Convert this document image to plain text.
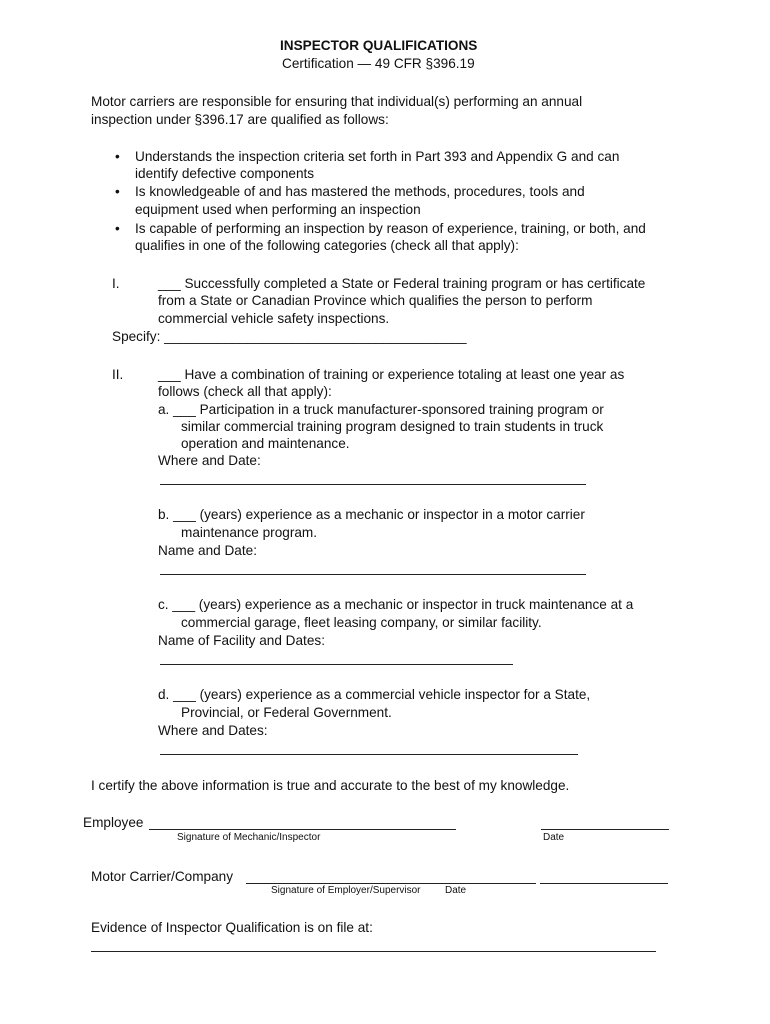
INSPECTOR QUALIFICATIONS
Certification — 49 CFR §396.19
Motor carriers are responsible for ensuring that individual(s) performing an annual
inspection under §396.17 are qualified as follows:
• Understands the inspection criteria set forth in Part 393 and Appendix G and can
identify defective components
• Is knowledgeable of and has mastered the methods, procedures, tools and
equipment used when performing an inspection
• Is capable of performing an inspection by reason of experience, training, or both, and
qualifies in one of the following categories (check all that apply):
I.	___ Successfully completed a State or Federal training program or has certificate
from a State or Canadian Province which qualifies the person to perform
commercial vehicle safety inspections.
Specify: ________________________________________
II.	___ Have a combination of training or experience totaling at least one year as
follows (check all that apply):
a. ___ Participation in a truck manufacturer-sponsored training program or
similar commercial training program designed to train students in truck
operation and maintenance.
Where and Date:
b. ___ (years) experience as a mechanic or inspector in a motor carrier
maintenance program.
Name and Date:
c. ___ (years) experience as a mechanic or inspector in truck maintenance at a
commercial garage, fleet leasing company, or similar facility.
Name of Facility and Dates:
d. ___ (years) experience as a commercial vehicle inspector for a State,
Provincial, or Federal Government.
Where and Dates:
I certify the above information is true and accurate to the best of my knowledge.
Employee
Signature of Mechanic/Inspector	Date
Motor Carrier/Company
Signature of Employer/Supervisor Date
Evidence of Inspector Qualification is on file at:
